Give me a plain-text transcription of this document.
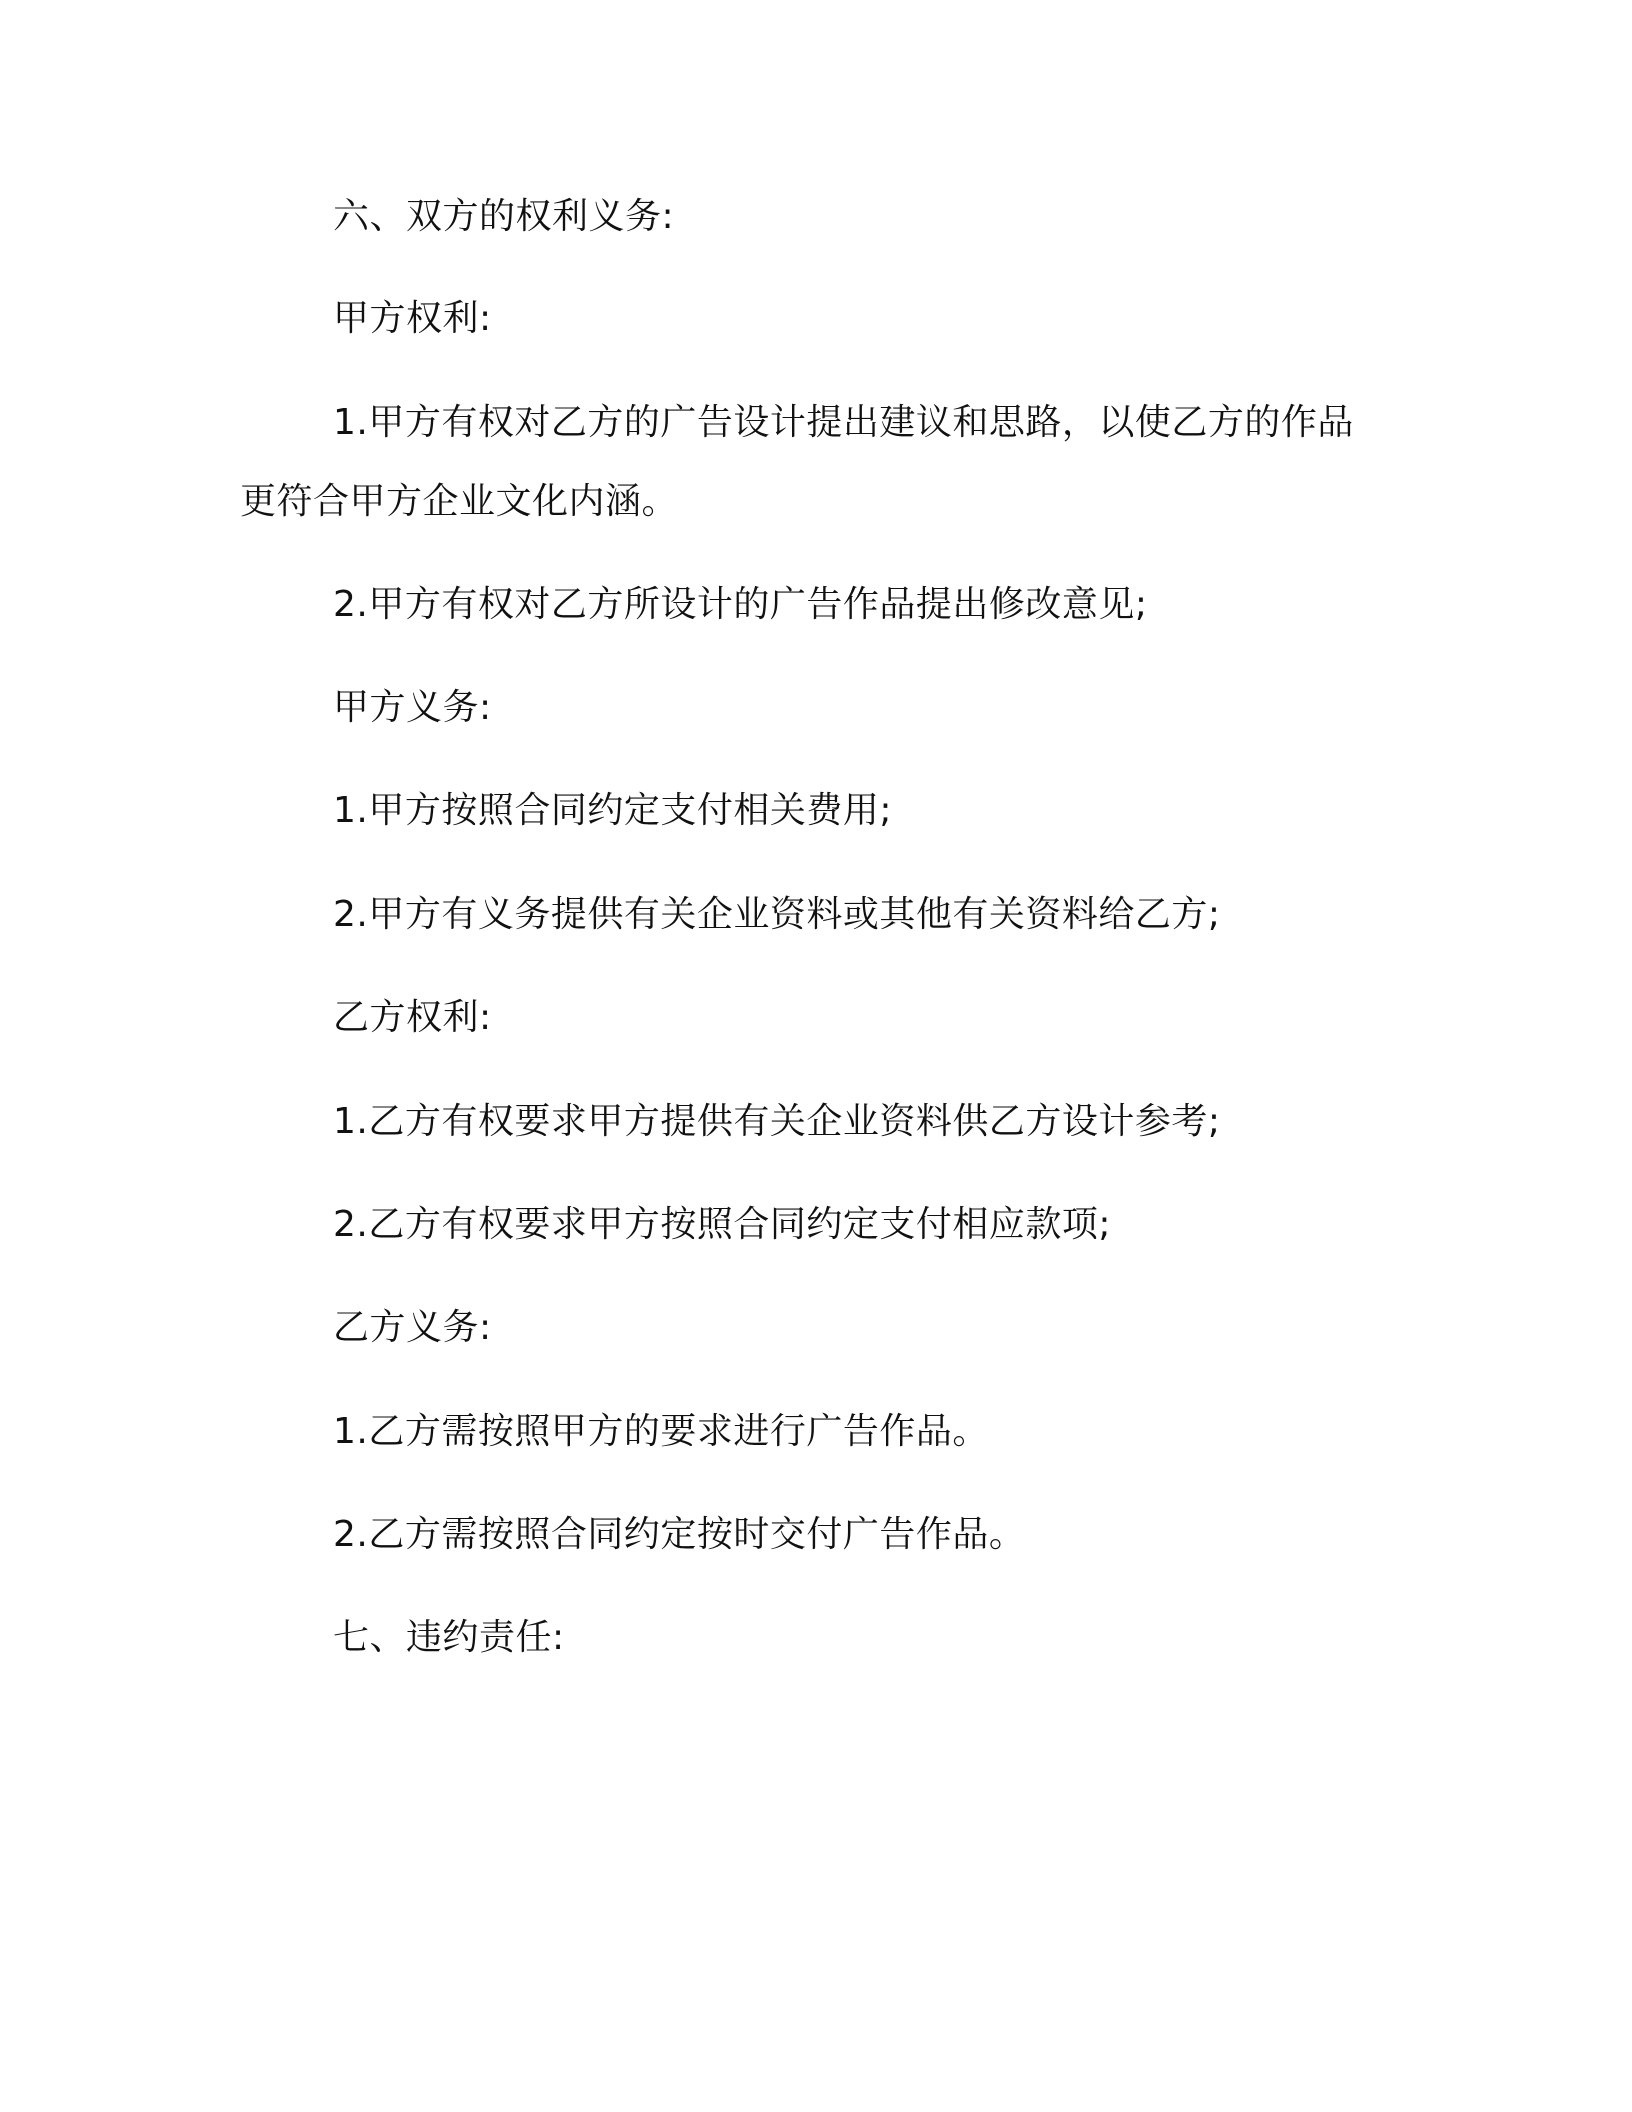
六、双方的权利义务:
甲方权利:
1.甲方有权对乙方的广告设计提出建议和思路，以使乙方的作品
更符合甲方企业文化内涵。
2.甲方有权对乙方所设计的广告作品提出修改意见;
甲方义务:
1.甲方按照合同约定支付相关费用;
2.甲方有义务提供有关企业资料或其他有关资料给乙方;
乙方权利:
1.乙方有权要求甲方提供有关企业资料供乙方设计参考;
2.乙方有权要求甲方按照合同约定支付相应款项;
乙方义务:
1.乙方需按照甲方的要求进行广告作品。
2.乙方需按照合同约定按时交付广告作品。
七、违约责任:
